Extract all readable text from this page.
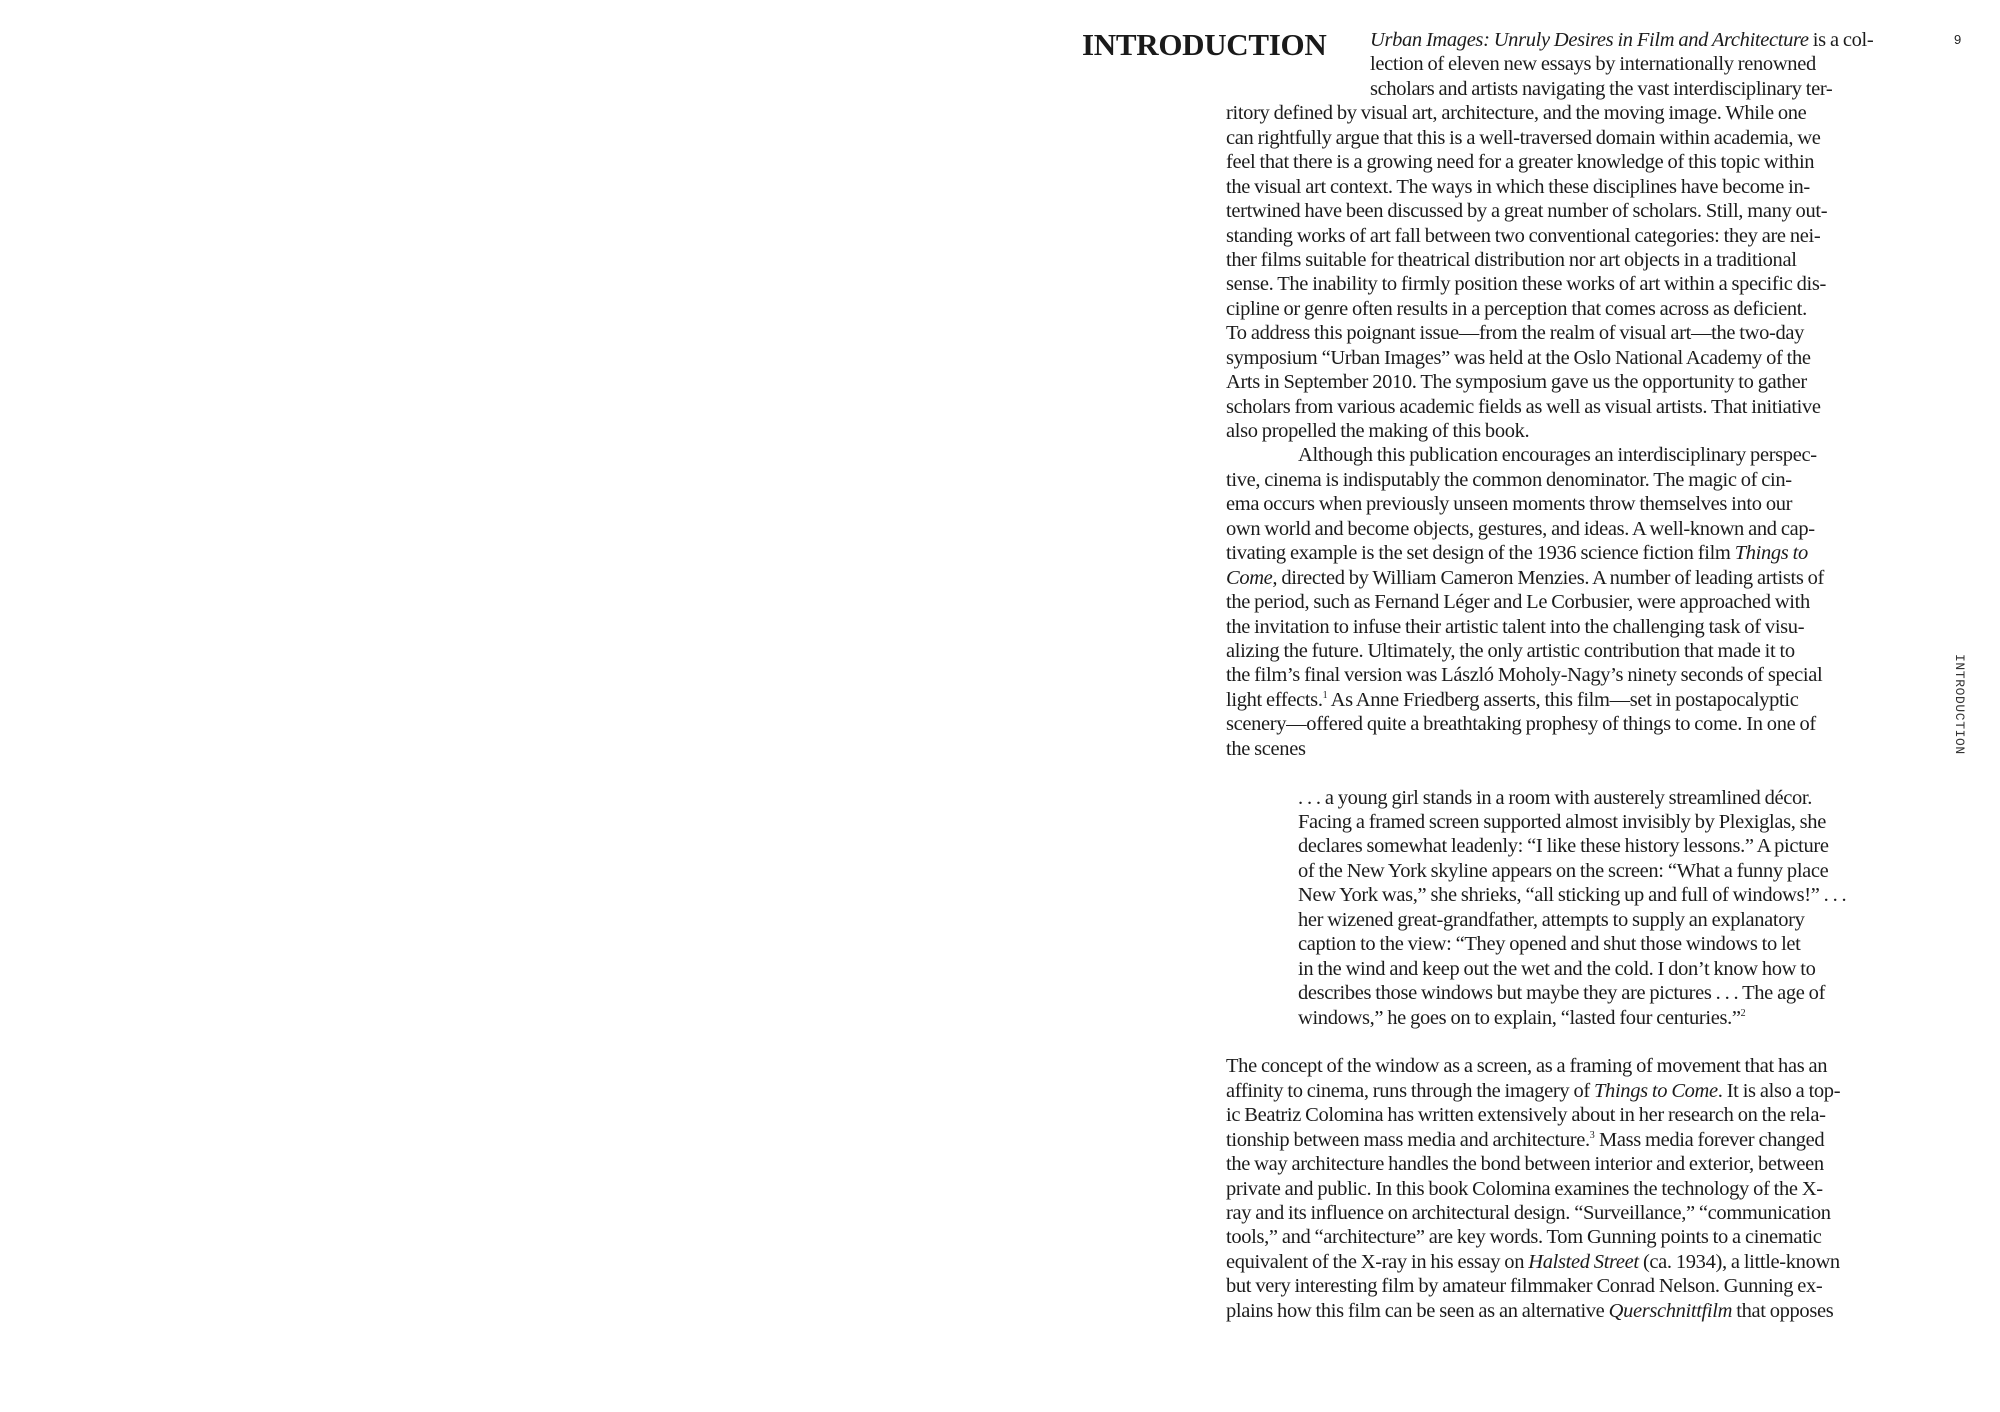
INTRODUCTION	9
INTRODUCTION
Urban Images: Unruly Desires in Film and Architecture is a col-
lection of eleven new essays by internationally renowned
scholars and artists navigating the vast interdisciplinary ter-
ritory defined by visual art, architecture, and the moving image. While one
can rightfully argue that this is a well-traversed domain within academia, we
feel that there is a growing need for a greater knowledge of this topic within
the visual art context. The ways in which these disciplines have become in-
tertwined have been discussed by a great number of scholars. Still, many out-
standing works of art fall between two conventional categories: they are nei-
ther films suitable for theatrical distribution nor art objects in a traditional
sense. The inability to firmly position these works of art within a specific dis-
cipline or genre often results in a perception that comes across as deficient.
To address this poignant issue—from the realm of visual art—the two-day
symposium “Urban Images” was held at the Oslo National Academy of the
Arts in September 2010. The symposium gave us the opportunity to gather
scholars from various academic fields as well as visual artists. That initiative
also propelled the making of this book.
Although this publication encourages an interdisciplinary perspec-
tive, cinema is indisputably the common denominator. The magic of cin-
ema occurs when previously unseen moments throw themselves into our
own world and become objects, gestures, and ideas. A well-known and cap-
tivating example is the set design of the 1936 science fiction film Things to
Come, directed by William Cameron Menzies. A number of leading artists of
the period, such as Fernand Léger and Le Corbusier, were approached with
the invitation to infuse their artistic talent into the challenging task of visu-
alizing the future. Ultimately, the only artistic contribution that made it to
the film’s final version was László Moholy-Nagy’s ninety seconds of special
light effects.$^1$ As Anne Friedberg asserts, this film—set in postapocalyptic
scenery—offered quite a breathtaking prophesy of things to come. In one of
the scenes
. . . a young girl stands in a room with austerely streamlined décor.
Facing a framed screen supported almost invisibly by Plexiglas, she
declares somewhat leadenly: “I like these history lessons.” A picture
of the New York skyline appears on the screen: “What a funny place
New York was,” she shrieks, “all sticking up and full of windows!” . . .
her wizened great-grandfather, attempts to supply an explanatory
caption to the view: “They opened and shut those windows to let
in the wind and keep out the wet and the cold. I don’t know how to
describes those windows but maybe they are pictures . . . The age of
windows,” he goes on to explain, “lasted four centuries.”$^2$
The concept of the window as a screen, as a framing of movement that has an
affinity to cinema, runs through the imagery of Things to Come. It is also a top-
ic Beatriz Colomina has written extensively about in her research on the rela-
tionship between mass media and architecture.$^3$ Mass media forever changed
the way architecture handles the bond between interior and exterior, between
private and public. In this book Colomina examines the technology of the X-
ray and its influence on architectural design. “Surveillance,” “communication
tools,” and “architecture” are key words. Tom Gunning points to a cinematic
equivalent of the X-ray in his essay on Halsted Street (ca. 1934), a little-known
but very interesting film by amateur filmmaker Conrad Nelson. Gunning ex-
plains how this film can be seen as an alternative Querschnittfilm that opposes
